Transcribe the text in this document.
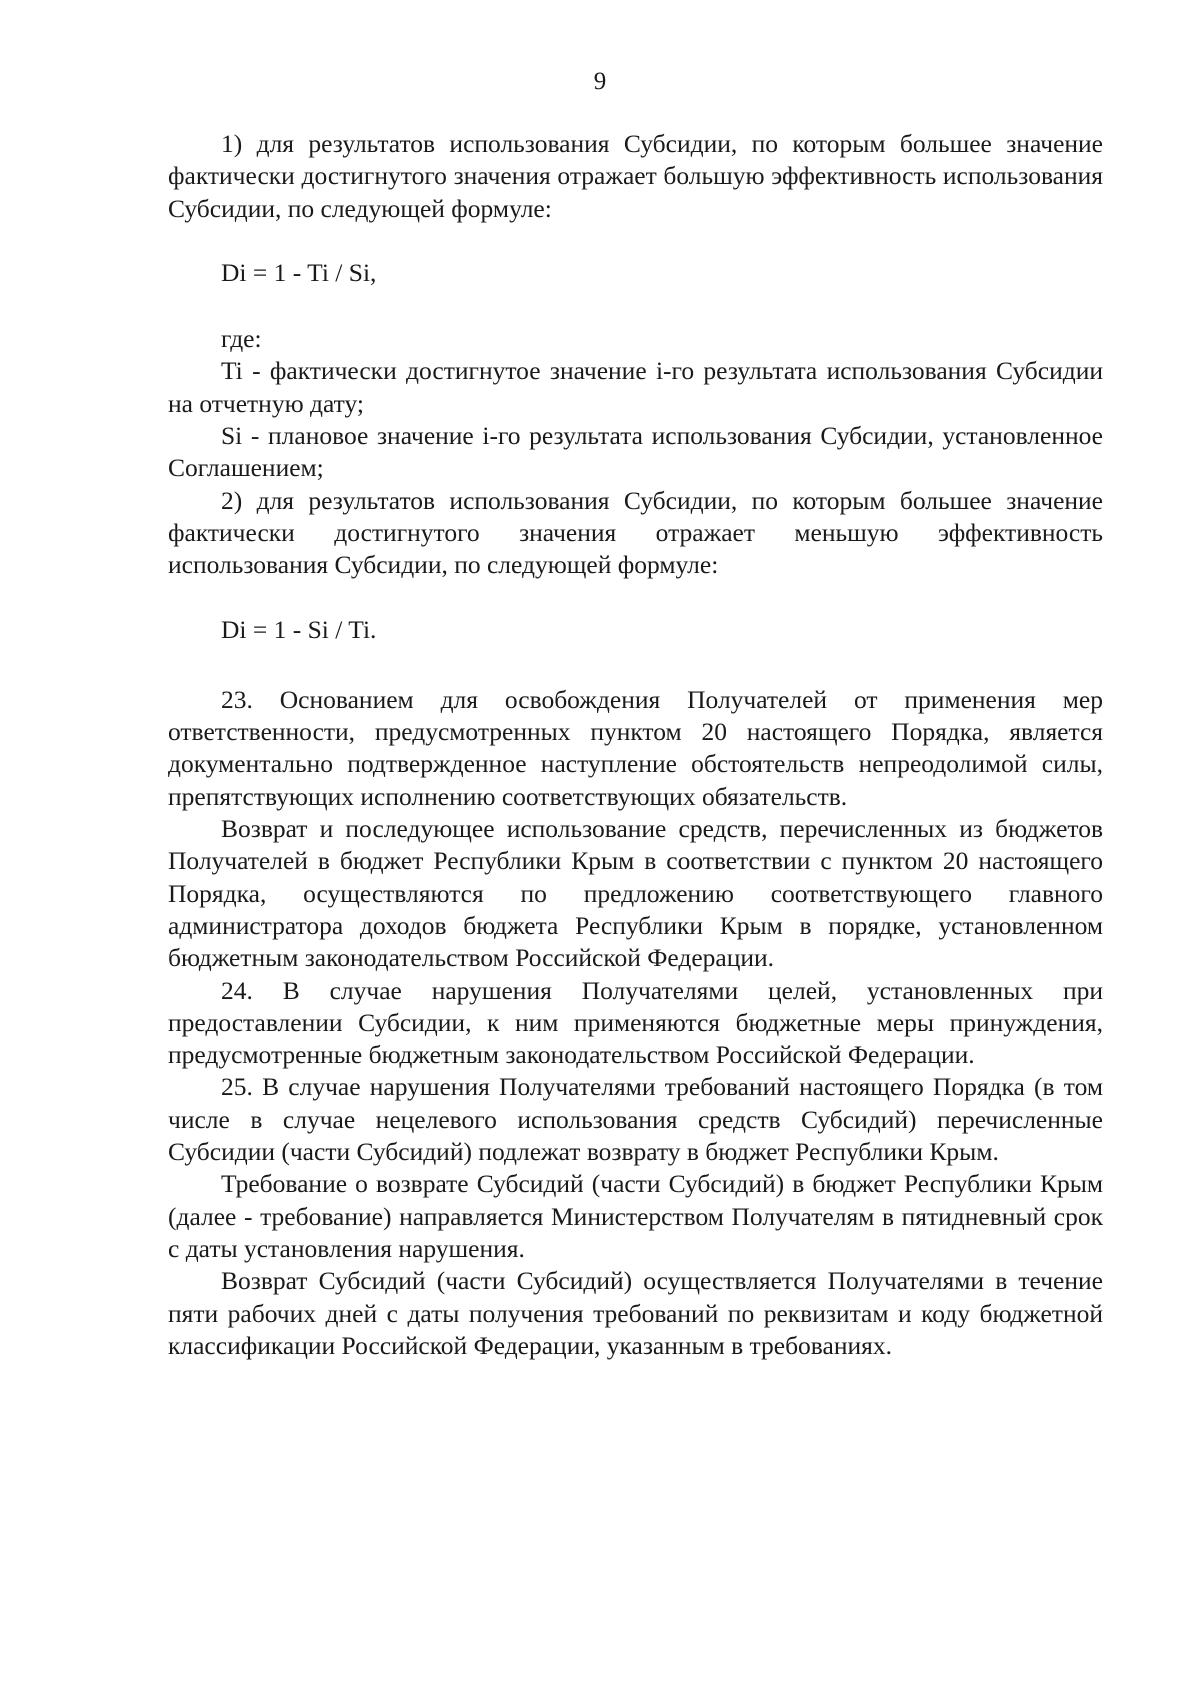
9

1) для результатов использования Субсидии, по которым большее значение фактически достигнутого значения отражает большую эффективность использования Субсидии, по следующей формуле:

Di = 1 - Ti / Si,

где:

Ti - фактически достигнутое значение i-го результата использования Субсидии на отчетную дату;

Si - плановое значение i-го результата использования Субсидии, установленное Соглашением;

2) для результатов использования Субсидии, по которым большее значение фактически достигнутого значения отражает меньшую эффективность использования Субсидии, по следующей формуле:

Di = 1 - Si / Ti.

23. Основанием для освобождения Получателей от применения мер ответственности, предусмотренных пунктом 20 настоящего Порядка, является документально подтвержденное наступление обстоятельств непреодолимой силы, препятствующих исполнению соответствующих обязательств.

Возврат и последующее использование средств, перечисленных из бюджетов Получателей в бюджет Республики Крым в соответствии с пунктом 20 настоящего Порядка, осуществляются по предложению соответствующего главного администратора доходов бюджета Республики Крым в порядке, установленном бюджетным законодательством Российской Федерации.

24. В случае нарушения Получателями целей, установленных при предоставлении Субсидии, к ним применяются бюджетные меры принуждения, предусмотренные бюджетным законодательством Российской Федерации.

25. В случае нарушения Получателями требований настоящего Порядка (в том числе в случае нецелевого использования средств Субсидий) перечисленные Субсидии (части Субсидий) подлежат возврату в бюджет Республики Крым.

Требование о возврате Субсидий (части Субсидий) в бюджет Республики Крым (далее - требование) направляется Министерством Получателям в пятидневный срок с даты установления нарушения.

Возврат Субсидий (части Субсидий) осуществляется Получателями в течение пяти рабочих дней с даты получения требований по реквизитам и коду бюджетной классификации Российской Федерации, указанным в требованиях.
